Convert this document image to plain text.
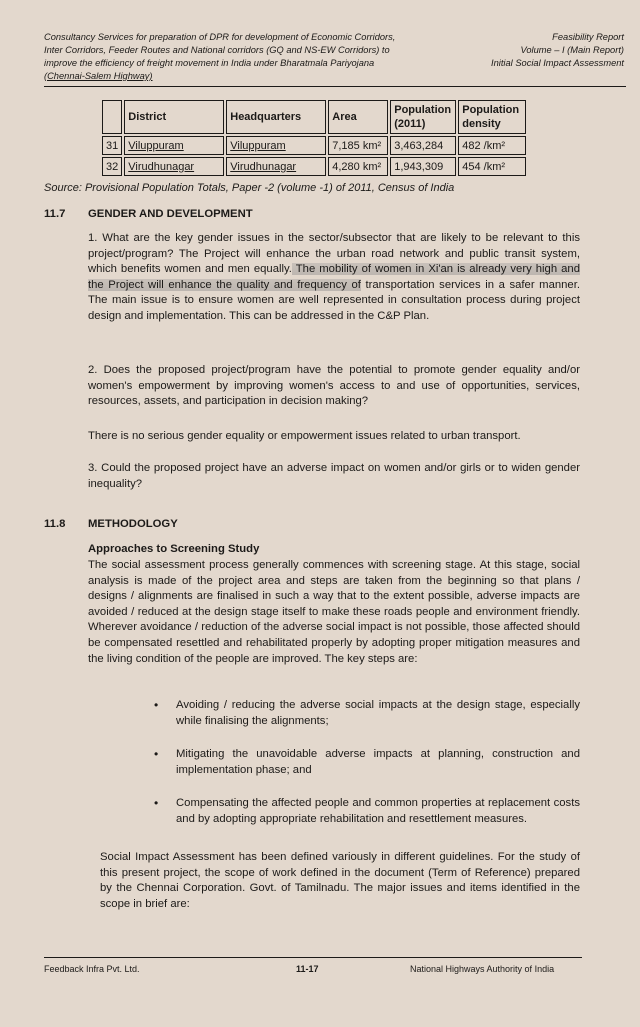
Consultancy Services for preparation of DPR for development of Economic Corridors,
Inter Corridors, Feeder Routes and National corridors (GQ and NS-EW Corridors) to
improve the efficiency of freight movement in India under Bharatmala Pariyojana
(Chennai-Salem Highway)
Feasibility Report
Volume – I (Main Report)
Initial Social Impact Assessment
	District	Headquarters	Area	Population (2011)	Population density
31	Viluppuram	Viluppuram	7,185 km²	3,463,284	482 /km²
32	Virudhunagar	Virudhunagar	4,280 km²	1,943,309	454 /km²
Source: Provisional Population Totals, Paper -2 (volume -1) of 2011, Census of India
11.7 GENDER AND DEVELOPMENT
1. What are the key gender issues in the sector/subsector that are likely to be relevant to this project/program? The Project will enhance the urban road network and public transit system, which benefits women and men equally. The mobility of women in Xi'an is already very high and the Project will enhance the quality and frequency of transportation services in a safer manner. The main issue is to ensure women are well represented in consultation process during project design and implementation. This can be addressed in the C&P Plan.
2. Does the proposed project/program have the potential to promote gender equality and/or women's empowerment by improving women's access to and use of opportunities, services, resources, assets, and participation in decision making?
There is no serious gender equality or empowerment issues related to urban transport.
3. Could the proposed project have an adverse impact on women and/or girls or to widen gender inequality?
11.8 METHODOLOGY
Approaches to Screening Study
The social assessment process generally commences with screening stage. At this stage, social analysis is made of the project area and steps are taken from the beginning so that plans / designs / alignments are finalised in such a way that to the extent possible, adverse impacts are avoided / reduced at the design stage itself to make these roads people and environment friendly. Wherever avoidance / reduction of the adverse social impact is not possible, those affected should be compensated resettled and rehabilitated properly by adopting proper mitigation measures and the living condition of the people are improved. The key steps are:
• Avoiding / reducing the adverse social impacts at the design stage, especially while finalising the alignments;
• Mitigating the unavoidable adverse impacts at planning, construction and implementation phase; and
• Compensating the affected people and common properties at replacement costs and by adopting appropriate rehabilitation and resettlement measures.
Social Impact Assessment has been defined variously in different guidelines. For the study of this present project, the scope of work defined in the document (Term of Reference) prepared by the Chennai Corporation. Govt. of Tamilnadu. The major issues and items identified in the scope in brief are:
Feedback Infra Pvt. Ltd.	11-17	National Highways Authority of India
